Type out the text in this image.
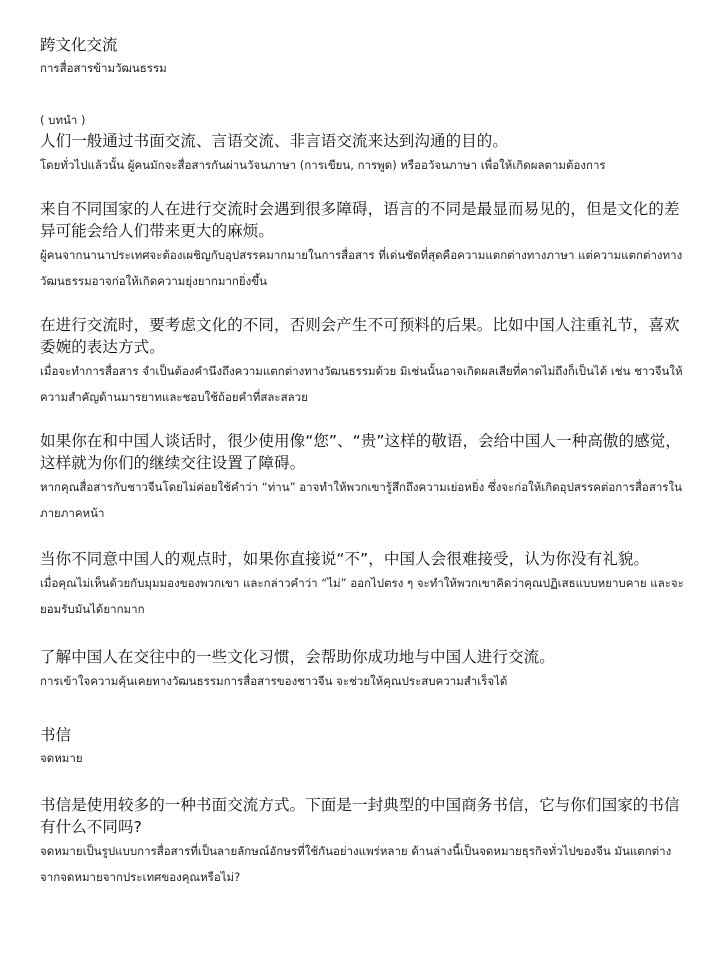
跨文化交流

การสื่อสารข้ามวัฒนธรรม

( บทนำ )

人们一般通过书面交流、言语交流、非言语交流来达到沟通的目的。

โดยทั่วไปแล้วนั้น ผู้คนมักจะสื่อสารกันผ่านวัจนภาษา (การเขียน, การพูด) หรืออวัจนภาษา เพื่อให้เกิดผลตามต้องการ

来自不同国家的人在进行交流时会遇到很多障碍，语言的不同是最显而易见的，但是文化的差异可能会给人们带来更大的麻烦。

ผู้คนจากนานาประเทศจะต้องเผชิญกับอุปสรรคมากมายในการสื่อสาร ที่เด่นชัดที่สุดคือความแตกต่างทางภาษา แต่ความแตกต่างทางวัฒนธรรมอาจก่อให้เกิดความยุ่งยากมากยิ่งขึ้น

在进行交流时，要考虑文化的不同，否则会产生不可预料的后果。比如中国人注重礼节，喜欢委婉的表达方式。

เมื่อจะทำการสื่อสาร จำเป็นต้องคำนึงถึงความแตกต่างทางวัฒนธรรมด้วย มิเช่นนั้นอาจเกิดผลเสียที่คาดไม่ถึงก็เป็นได้ เช่น ชาวจีนให้ความสำคัญด้านมารยาทและชอบใช้ถ้อยคำที่สละสลวย

如果你在和中国人谈话时，很少使用像“您”、“贵”这样的敬语，会给中国人一种高傲的感觉，这样就为你们的继续交往设置了障碍。

หากคุณสื่อสารกับชาวจีนโดยไม่ค่อยใช้คำว่า “ท่าน” อาจทำให้พวกเขารู้สึกถึงความเย่อหยิ่ง ซึ่งจะก่อให้เกิดอุปสรรคต่อการสื่อสารในภายภาคหน้า

当你不同意中国人的观点时，如果你直接说“不”，中国人会很难接受，认为你没有礼貌。

เมื่อคุณไม่เห็นด้วยกับมุมมองของพวกเขา และกล่าวคำว่า “ไม่” ออกไปตรง ๆ จะทำให้พวกเขาคิดว่าคุณปฏิเสธแบบหยาบคาย และจะยอมรับมันได้ยากมาก

了解中国人在交往中的一些文化习惯，会帮助你成功地与中国人进行交流。

การเข้าใจความคุ้นเคยทางวัฒนธรรมการสื่อสารของชาวจีน จะช่วยให้คุณประสบความสำเร็จได้

书信

จดหมาย

书信是使用较多的一种书面交流方式。下面是一封典型的中国商务书信，它与你们国家的书信有什么不同吗?

จดหมายเป็นรูปแบบการสื่อสารที่เป็นลายลักษณ์อักษรที่ใช้กันอย่างแพร่หลาย ด้านล่างนี้เป็นจดหมายธุรกิจทั่วไปของจีน มันแตกต่างจากจดหมายจากประเทศของคุณหรือไม่?
